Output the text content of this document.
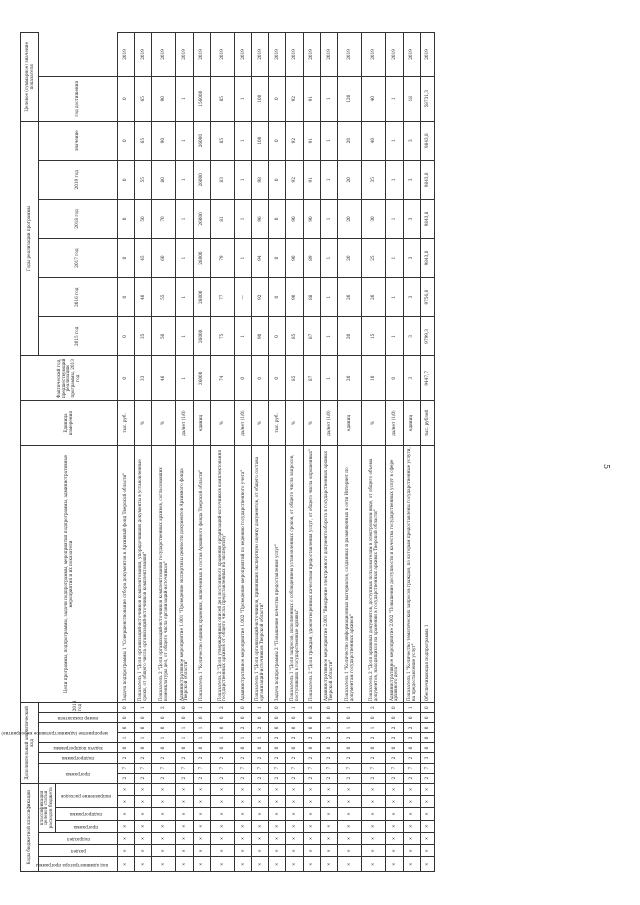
5
Коды бюджетной классификации							Дополнительный аналитический код								Цели программы, подпрограммы, задачи подпрограммы, мероприятия подпрограммы, административные мероприятия и их показатели	Единица измерения	Фактический год, предшествующий реализации программы, 2013 год	Годы реализации программы						Целевое (суммарное) значение показателя	

код администратора программы	раздел	подраздел	классификация целевой статьи расходов бюджета				программа		подпрограмма	задача подпрограммы	мероприятие (административное мероприятие)		номер показателя	2014 год				2015 год	2016 год	2017 год	2018 год	2019 год	значение	год достижения	

			программа	подпрограмма	направление расходов																				

×	×	×	×	×	×	×	2	7	2	0	1	0	0	0	Задача подпрограммы 1 "Совершенствование отбора документов в Архивный фонд Тверской области"	тыс. руб.	0	0	0	0	0	0	0	0	2019
×	×	×	×	×	×	×	2	7	2	0	1	0	0	1	Показатель 1 "Доля организаций-источников комплектования, упорядочивших документы в установленные сроки, от общего числа организаций-источников комплектования"	%	33	35	40	45	50	55	65	65	2019
×	×	×	×	×	×	×	2	7	2	0	1	0	0	2	Показатель 2 "Доля организаций-источников комплектования государственных архивов, согласовавших номенклатуры дел, от общего числа организаций-источников"	%	46	50	55	60	70	80	90	90	2019
×	×	×	×	×	×	×	2	7	2	0	1	1	0	0	Административное мероприятие 1.001 "Проведение экспертизы ценности документов Архивного фонда Тверской области"	да/нет (1/0)	1	1	1	1	1	1	1	1	2019
×	×	×	×	×	×	×	2	7	2	0	1	1	0	1	Показатель 1 "Количество единиц хранения, включенных в состав Архивного фонда Тверской области"	единиц	26000	26000	26000	26000	26000	26000	26000	156000	2019
×	×	×	×	×	×	×	2	7	2	0	1	0	0	2	Показатель 2 "Доля утвержденных описей дел постоянного хранения организаций-источников комплектования государственных архивов от общего числа представленных на экспертизу"	%	74	75	77	79	81	83	85	85	2019
×	×	×	×	×	×	×	2	7	2	0	1	2	0	0	Административное мероприятие 1.002 "Проведение мероприятий по ведению государственного учета"	да/нет (1/0)	0	1	—	1	1	1	1	1	2019
×	×	×	×	×	×	×	2	7	2	0	1	2	0	1	Показатель 1 "Доля организаций-источников, принявших экспертную оценку документов, от общего состава организаций-источников Тверской области"	%	0	90	92	94	96	98	100	100	2019
×	×	×	×	×	×	×	2	7	2	0	2	0	0	0	Задача подпрограммы 2 "Повышение качества предоставления услуг"	тыс. руб.	0	0	0	0	0	0	0	0	2019
×	×	×	×	×	×	×	2	7	2	0	2	0	0	1	Показатель 1 "Доля запросов, исполненных с соблюдением установленных сроков, от общего числа запросов, поступивших в государственные архивы"	%	85	85	90	90	90	92	92	92	2019
×	×	×	×	×	×	×	2	7	2	0	2	0	0	2	Показатель 2 "Доля граждан, удовлетворенных качеством предоставления услуг, от общего числа опрошенных"	%	87	87	88	89	90	91	91	91	2019
×	×	×	×	×	×	×	2	7	2	0	2	1	0	0	Административное мероприятие 2.001 "Внедрение электронного документооборота в государственных архивах Тверской области"	да/нет (1/0)	1	1	1	1	1	1	1	1	2019
×	×	×	×	×	×	×	2	7	2	0	2	1	0	1	Показатель 1 "Количество информационных материалов, созданных и размещенных в сети Интернет по документам государственных архивов"	единиц	20	20	20	20	20	20	20	120	2019
×	×	×	×	×	×	×	2	7	2	0	2	1	0	2	Показатель 2 "Доля архивных документов, доступных пользователям в электронном виде, от общего объема документов, находящихся на хранении в государственных архивах Тверской области"	%	10	15	20	25	30	35	40	40	2019
×	×	×	×	×	×	×	2	7	2	0	2	2	0	0	Административное мероприятие 2.002 "Повышение доступности и качества государственных услуг в сфере архивного дела"	да/нет (1/0)	0	1	1	1	1	1	1	1	2019
×	×	×	×	×	×	×	2	7	2	0	2	2	0	1	Показатель 1 "Количество тематических запросов граждан, по которым предоставлены государственные услуги, на предоставление услуг"	единиц	3	3	3	3	3	3	3	18	2019
×	×	×	×	×	×	×	2	7	3	0	0	0	0	0	Обеспечивающая подпрограмма 1	тыс. рублей	9447,7	9799,3	9756,8	9843,8	9843,8	9843,8	9843,8	58731,3	2019
